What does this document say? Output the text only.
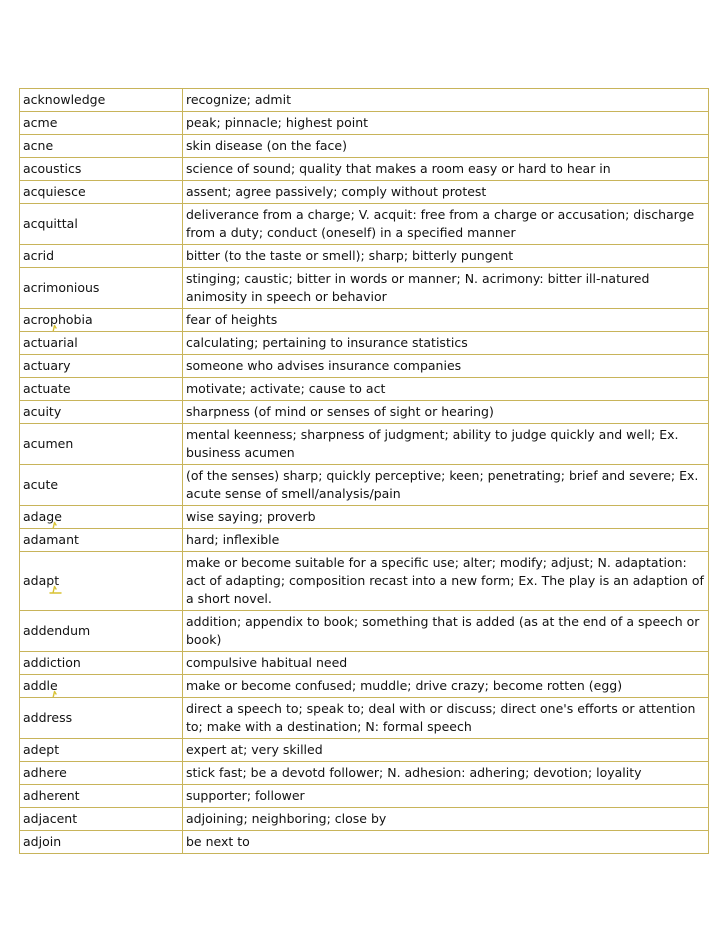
acknowledge	recognize; admit
acme	peak; pinnacle; highest point
acne	skin disease (on the face)
acoustics	science of sound; quality that makes a room easy or hard to hear in
acquiesce	assent; agree passively; comply without protest
acquittal	deliverance from a charge; V. acquit: free from a charge or accusation; discharge from a duty; conduct (oneself) in a specified manner
acrid	bitter (to the taste or smell); sharp; bitterly pungent
acrimonious	stinging; caustic; bitter in words or manner; N. acrimony: bitter ill-natured animosity in speech or behavior
acrophobia	fear of heights
actuarial	calculating; pertaining to insurance statistics
actuary	someone who advises insurance companies
actuate	motivate; activate; cause to act
acuity	sharpness (of mind or senses of sight or hearing)
acumen	mental keenness; sharpness of judgment; ability to judge quickly and well; Ex. business acumen
acute	(of the senses) sharp; quickly perceptive; keen; penetrating; brief and severe; Ex. acute sense of smell/analysis/pain
adage	wise saying; proverb
adamant	hard; inflexible
adapt	make or become suitable for a specific use; alter; modify; adjust; N. adaptation: act of adapting; composition recast into a new form; Ex. The play is an adaption of a short novel.
addendum	addition; appendix to book; something that is added (as at the end of a speech or book)
addiction	compulsive habitual need
addle	make or become confused; muddle; drive crazy; become rotten (egg)
address	direct a speech to; speak to; deal with or discuss; direct one's efforts or attention to; make with a destination; N: formal speech
adept	expert at; very skilled
adhere	stick fast; be a devotd follower; N. adhesion: adhering; devotion; loyality
adherent	supporter; follower
adjacent	adjoining; neighboring; close by
adjoin	be next to
